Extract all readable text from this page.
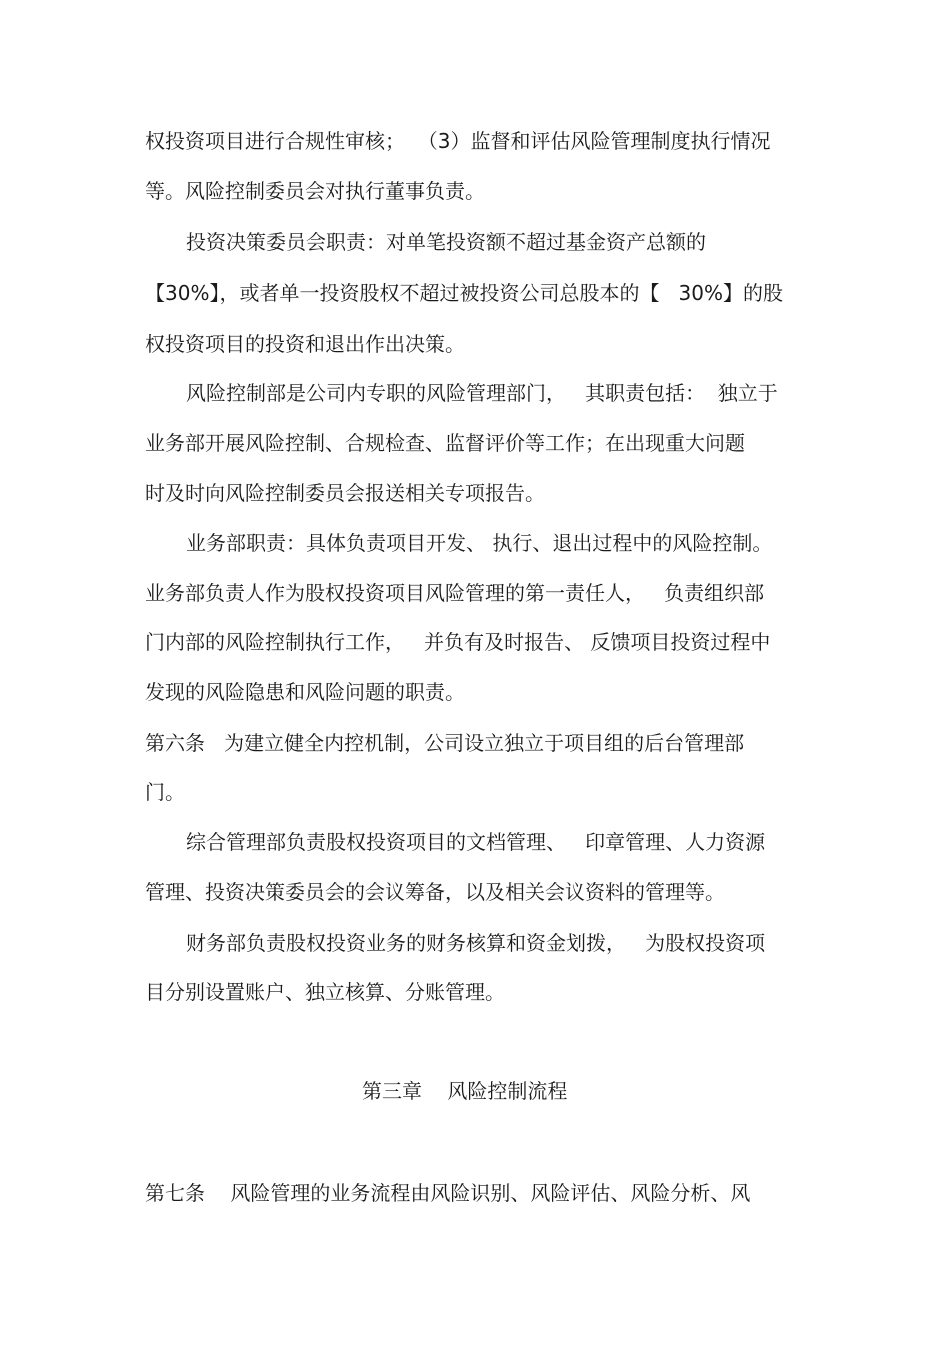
权投资项目进行合规性审核；  （3）监督和评估风险管理制度执行情况
等。风险控制委员会对执行董事负责。
投资决策委员会职责：对单笔投资额不超过基金资产总额的
【30%】，或者单一投资股权不超过被投资公司总股本的【   30%】的股
权投资项目的投资和退出作出决策。
风险控制部是公司内专职的风险管理部门，   其职责包括：  独立于
业务部开展风险控制、合规检查、监督评价等工作；在出现重大问题
时及时向风险控制委员会报送相关专项报告。
业务部职责：具体负责项目开发、 执行、退出过程中的风险控制。
业务部负责人作为股权投资项目风险管理的第一责任人，   负责组织部
门内部的风险控制执行工作，   并负有及时报告、 反馈项目投资过程中
发现的风险隐患和风险问题的职责。
第六条   为建立健全内控机制，公司设立独立于项目组的后台管理部
门。
综合管理部负责股权投资项目的文档管理、   印章管理、人力资源
管理、投资决策委员会的会议筹备，以及相关会议资料的管理等。
财务部负责股权投资业务的财务核算和资金划拨，   为股权投资项
目分别设置账户、独立核算、分账管理。
第三章    风险控制流程
第七条    风险管理的业务流程由风险识别、风险评估、风险分析、风
